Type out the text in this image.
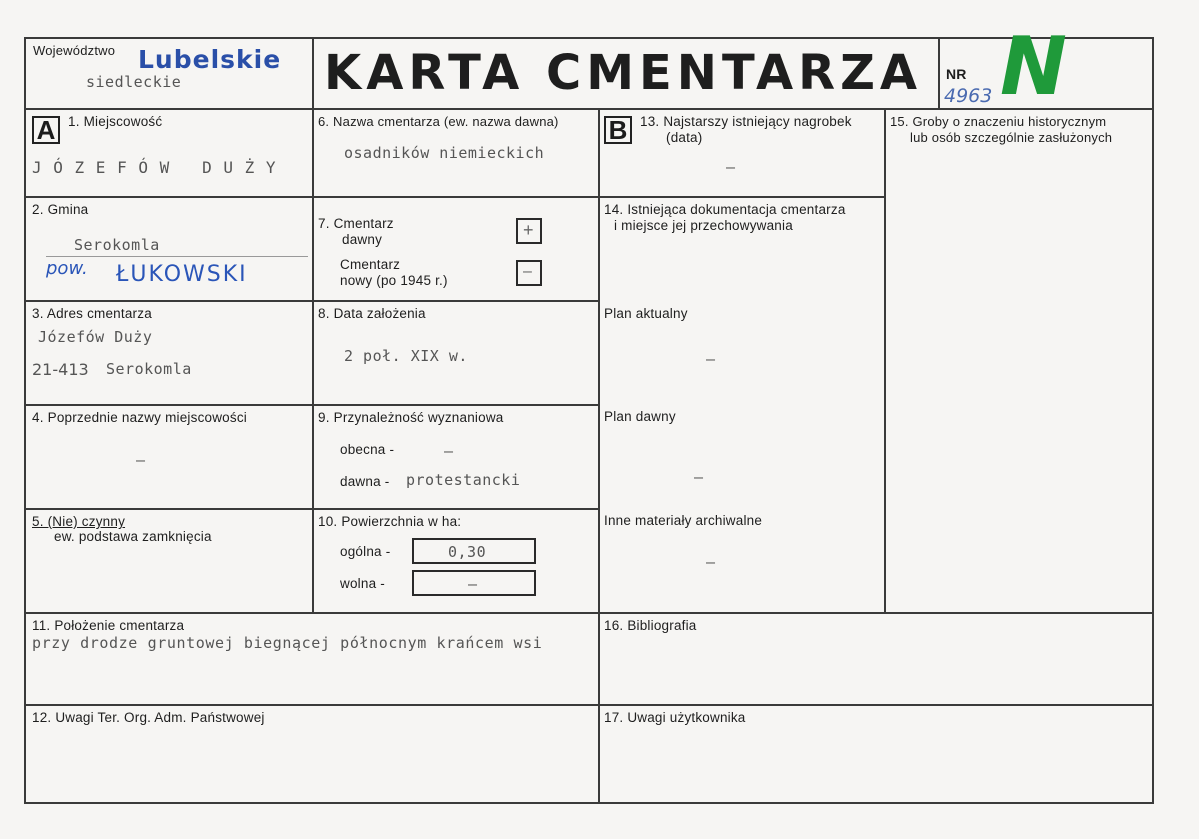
Województwo Lubelskie
siedleckie	KARTA CMENTARZA NR
4963 N
A 1. Miejscowość
J Ó Z E F Ó W   D U Ż Y
6. Nazwa cmentarza (ew. nazwa dawna)
osadników niemieckich
B 13. Najstarszy istniejący nagrobek
(data)
–
15. Groby o znaczeniu historycznym
lub osób szczególnie zasłużonych
2. Gmina
Serokomla
pow. ŁUKOWSKI
7. Cmentarz
dawny	+
Cmentarz
nowy (po 1945 r.)
–
14. Istniejąca dokumentacja cmentarza
i miejsce jej przechowywania
Plan aktualny
–
Plan dawny
–
Inne materiały archiwalne
–
3. Adres cmentarza
Józefów Duży
21-413 Serokomla
8. Data założenia
2 poł. XIX w.
4. Poprzednie nazwy miejscowości
–
9. Przynależność wyznaniowa
obecna -	–
dawna - protestancki
5. (Nie) czynny
ew. podstawa zamknięcia
10. Powierzchnia w ha:
ogólna -	0,30
wolna -	–
11. Położenie cmentarza
przy drodze gruntowej biegnącej północnym krańcem wsi
16. Bibliografia
12. Uwagi Ter. Org. Adm. Państwowej	17. Uwagi użytkownika
